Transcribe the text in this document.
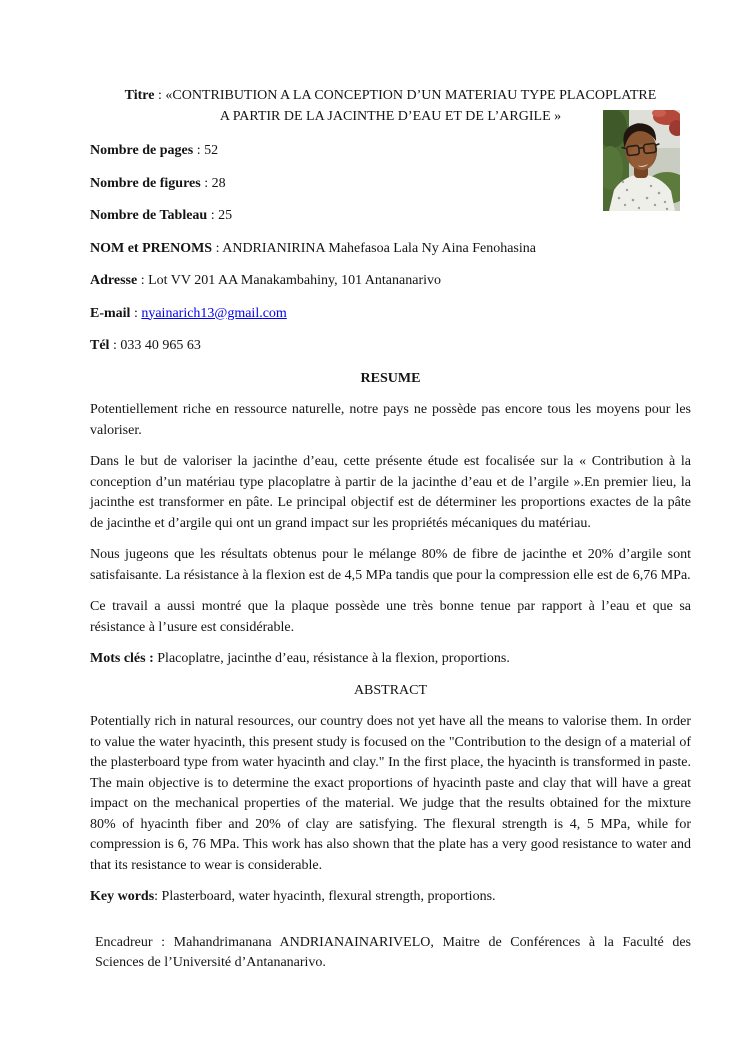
Titre : «CONTRIBUTION A LA CONCEPTION D’UN MATERIAU TYPE PLACOPLATRE
A PARTIR DE LA JACINTHE D’EAU ET DE L’ARGILE »

Nombre de pages : 52
Nombre de figures : 28
Nombre de Tableau : 25
NOM et PRENOMS : ANDRIANIRINA Mahefasoa Lala Ny Aina Fenohasina
Adresse : Lot VV 201 AA Manakambahiny, 101 Antananarivo
E-mail : nyainarich13@gmail.com
Tél : 033 40 965 63

RESUME

Potentiellement riche en ressource naturelle, notre pays ne possède pas encore tous les moyens pour les valoriser.

Dans le but de valoriser la jacinthe d’eau, cette présente étude est focalisée sur la « Contribution à la conception d’un matériau type placoplatre à partir de la jacinthe d’eau et de l’argile ».En premier lieu, la jacinthe est transformer en pâte. Le principal objectif est de déterminer les proportions exactes de la pâte de jacinthe et d’argile qui ont un grand impact sur les propriétés mécaniques du matériau.

Nous jugeons que les résultats obtenus pour le mélange 80% de fibre de jacinthe et 20% d’argile sont satisfaisante. La résistance à la flexion est de 4,5 MPa tandis que pour la compression elle est de 6,76 MPa.

Ce travail a aussi montré que la plaque possède une très bonne tenue par rapport à l’eau et que sa résistance à l’usure est considérable.

Mots clés : Placoplatre, jacinthe d’eau, résistance à la flexion, proportions.

ABSTRACT

Potentially rich in natural resources, our country does not yet have all the means to valorise them. In order to value the water hyacinth, this present study is focused on the "Contribution to the design of a material of the plasterboard type from water hyacinth and clay." In the first place, the hyacinth is transformed in paste. The main objective is to determine the exact proportions of hyacinth paste and clay that will have a great impact on the mechanical properties of the material. We judge that the results obtained for the mixture 80% of hyacinth fiber and 20% of clay are satisfying. The flexural strength is 4, 5 MPa, while for compression is 6, 76 MPa. This work has also shown that the plate has a very good resistance to water and that its resistance to wear is considerable.

Key words: Plasterboard, water hyacinth, flexural strength, proportions.

Encadreur : Mahandrimanana ANDRIANAINARIVELO, Maitre de Conférences à la Faculté des Sciences de l’Université d’Antananarivo.
